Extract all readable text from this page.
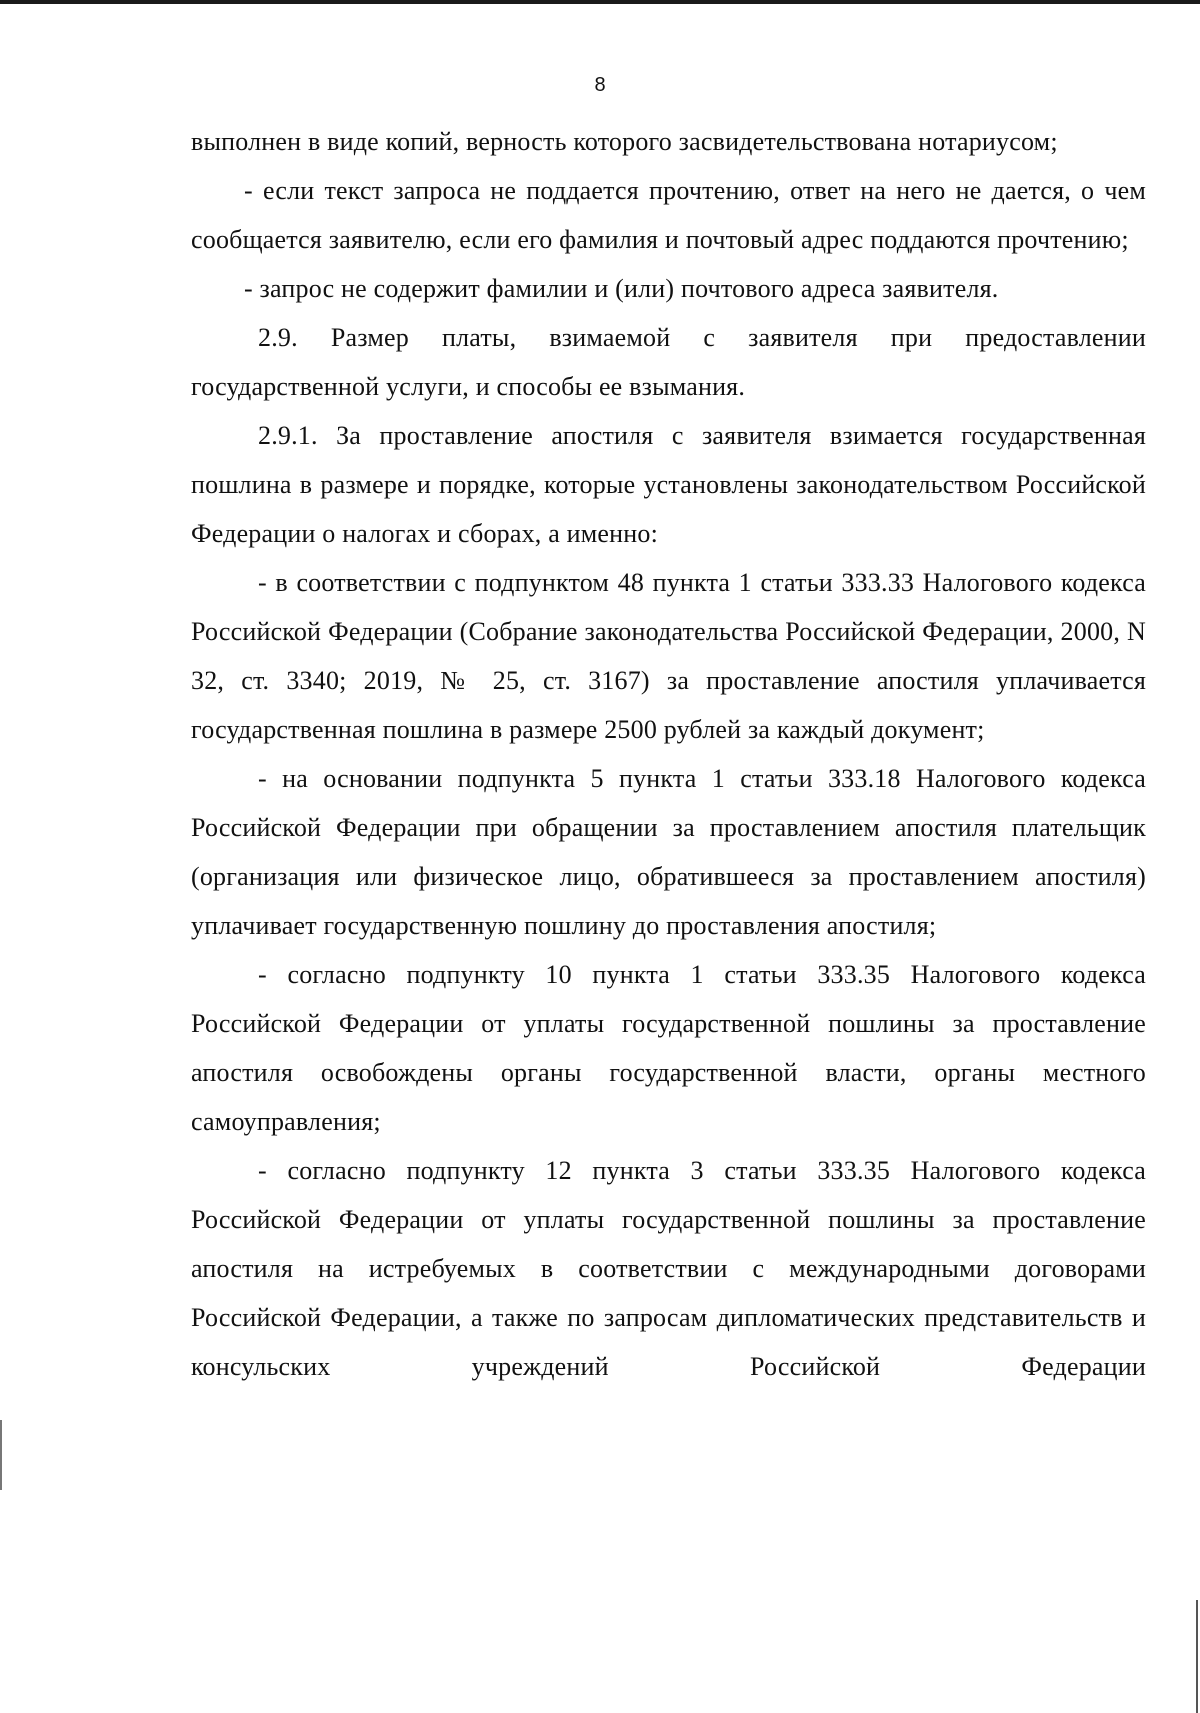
8

выполнен в виде копий, верность которого засвидетельствована нотариусом;

- если текст запроса не поддается прочтению, ответ на него не дается, о чем сообщается заявителю, если его фамилия и почтовый адрес поддаются прочтению;

- запрос не содержит фамилии и (или) почтового адреса заявителя.

2.9. Размер платы, взимаемой с заявителя при предоставлении государственной услуги, и способы ее взымания.

2.9.1. За проставление апостиля с заявителя взимается государственная пошлина в размере и порядке, которые установлены законодательством Российской Федерации о налогах и сборах, а именно:

- в соответствии с подпунктом 48 пункта 1 статьи 333.33 Налогового кодекса Российской Федерации (Собрание законодательства Российской Федерации, 2000, N 32, ст. 3340; 2019, № 25, ст. 3167) за проставление апостиля уплачивается государственная пошлина в размере 2500 рублей за каждый документ;

- на основании подпункта 5 пункта 1 статьи 333.18 Налогового кодекса Российской Федерации при обращении за проставлением апостиля плательщик (организация или физическое лицо, обратившееся за проставлением апостиля) уплачивает государственную пошлину до проставления апостиля;

- согласно подпункту 10 пункта 1 статьи 333.35 Налогового кодекса Российской Федерации от уплаты государственной пошлины за проставление апостиля освобождены органы государственной власти, органы местного самоуправления;

- согласно подпункту 12 пункта 3 статьи 333.35 Налогового кодекса Российской Федерации от уплаты государственной пошлины за проставление апостиля на истребуемых в соответствии с международными договорами Российской Федерации, а также по запросам дипломатических представительств и консульских учреждений Российской Федерации
